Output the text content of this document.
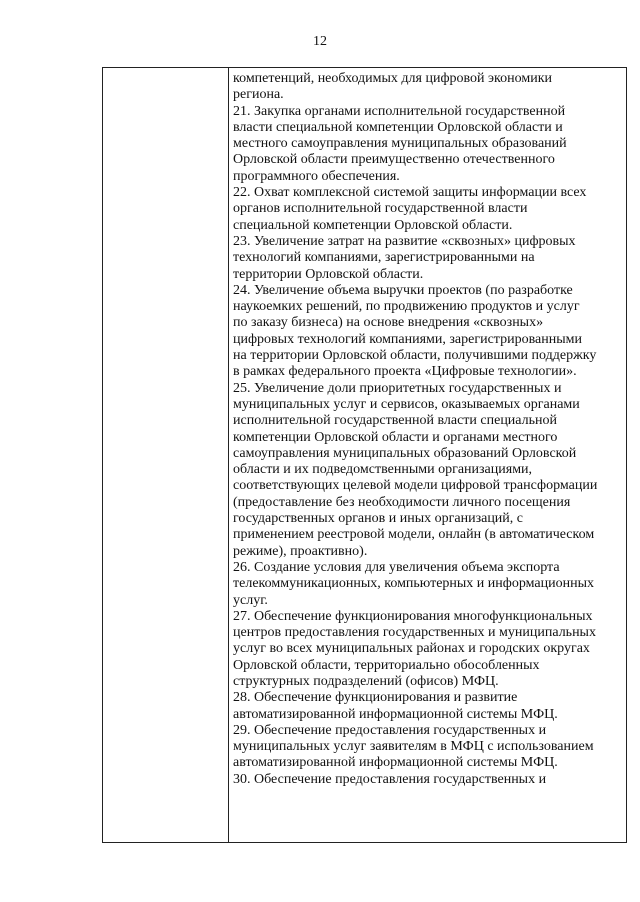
12

компетенций, необходимых для цифровой экономики
региона.

21. Закупка органами исполнительной государственной
власти специальной компетенции Орловской области и
местного самоуправления муниципальных образований
Орловской области преимущественно отечественного
программного обеспечения.

22. Охват комплексной системой защиты информации всех
органов исполнительной государственной власти
специальной компетенции Орловской области.

23. Увеличение затрат на развитие «сквозных» цифровых
технологий компаниями, зарегистрированными на
территории Орловской области.

24. Увеличение объема выручки проектов (по разработке
наукоемких решений, по продвижению продуктов и услуг
по заказу бизнеса) на основе внедрения «сквозных»
цифровых технологий компаниями, зарегистрированными
на территории Орловской области, получившими поддержку
в рамках федерального проекта «Цифровые технологии».

25. Увеличение доли приоритетных государственных и
муниципальных услуг и сервисов, оказываемых органами
исполнительной государственной власти специальной
компетенции Орловской области и органами местного
самоуправления муниципальных образований Орловской
области и их подведомственными организациями,
соответствующих целевой модели цифровой трансформации
(предоставление без необходимости личного посещения
государственных органов и иных организаций, с
применением реестровой модели, онлайн (в автоматическом
режиме), проактивно).

26. Создание условия для увеличения объема экспорта
телекоммуникационных, компьютерных и информационных
услуг.

27. Обеспечение функционирования многофункциональных
центров предоставления государственных и муниципальных
услуг во всех муниципальных районах и городских округах
Орловской области, территориально обособленных
структурных подразделений (офисов) МФЦ.

28. Обеспечение функционирования и развитие
автоматизированной информационной системы МФЦ.

29. Обеспечение предоставления государственных и
муниципальных услуг заявителям в МФЦ с использованием
автоматизированной информационной системы МФЦ.

30. Обеспечение предоставления государственных и
